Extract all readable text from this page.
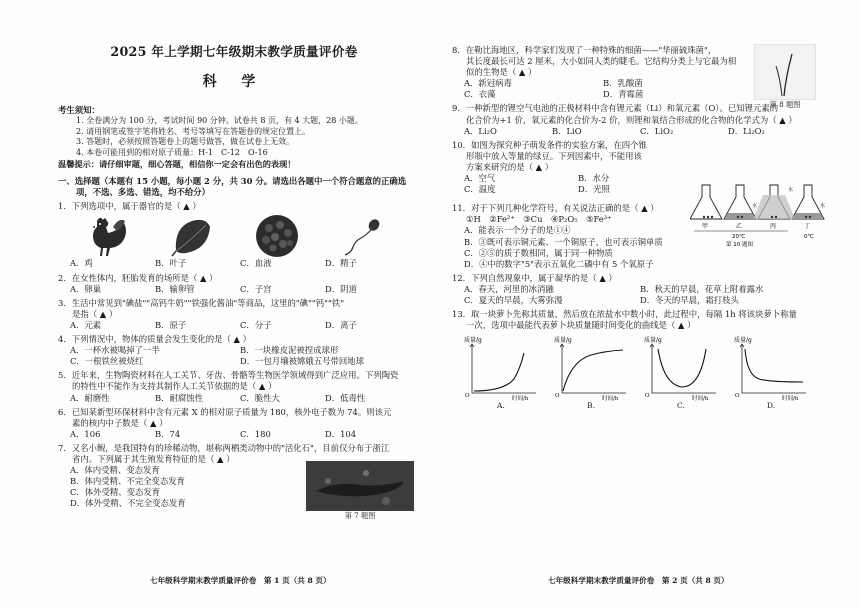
2025 年上学期七年级期末教学质量评价卷
科 学
考生须知：
1. 全卷满分为 100 分，考试时间 90 分钟。试卷共 8 页，有 4 大题，28 小题。
2. 请用钢笔或签字笔将姓名、考号等填写在答题卷的规定位置上。
3. 答题时，必须按照答题卷上的题号做答，做在试卷上无效。
4. 本卷可能用到的相对原子质量：H-1　C-12　O-16
温馨提示：请仔细审题，细心答题，相信你一定会有出色的表现！
一、选择题（本题有 15 小题，每小题 2 分，共 30 分。请选出各题中一个符合题意的正确选
项，不选、多选、错选，均不给分）
1．下列选项中，属于器官的是（ ▲ ）
A．鸡	B．叶子	C．血液	D．精子
2．在女性体内，胚胎发育的场所是（ ▲ ）
A．卵巢	B．输卵管	C．子宫	D．阴道
3．生活中常见到"碘盐""高钙牛奶""铁强化酱油"等商品，这里的"碘""钙""铁"
是指（ ▲ ）
A．元素	B．原子	C．分子	D．离子
4．下列情况中，物体的质量会发生变化的是（ ▲ ）
A．一杯水被喝掉了一半	B．一块橡皮泥被捏成球形
C．一根铁丝被烧红	D．一包月壤被嫦娥五号带回地球
5．近年来，生物陶瓷材料在人工关节、牙齿、骨骼等生物医学领域得到广泛应用。下列陶瓷
的特性中不能作为支持其制作人工关节依据的是（ ▲ ）
A．耐磨性	B．耐腐蚀性	C．脆性大	D．低毒性
6．已知某新型环保材料中含有元素 X 的相对原子质量为 180，核外电子数为 74。则该元
素的核内中子数是（ ▲ ）
A．106	B．74	C．180	D．104
7．又名小鲵，是我国特有的珍稀动物，堪称两栖类动物中的"活化石"，目前仅分布于浙江
省内。下列属于其生殖发育特征的是（ ▲ ）
A．体内受精、变态发育
B．体内受精、不完全变态发育
C．体外受精、变态发育
D．体外受精、不完全变态发育
第 7 题图
七年级科学期末教学质量评价卷　第 1 页（共 8 页）
8．在勒比海地区，科学家们发现了一种特殊的细菌——"华丽硫珠菌"，
其长度最长可达 2 厘米，大小如同人类的睫毛。它结构分类上与它最为相
似的生物是（ ▲ ）
A．新冠病毒	B．乳酸菌
C．衣藻	D．青霉菌
第 8 题图
9．一种新型的锂空气电池的正极材料中含有锂元素（Li）和氧元素（O）。已知锂元素的
化合价为+1 价，氧元素的化合价为-2 价，则锂和氧结合形成的化合物的化学式为（ ▲ ）
A．Li₂O	B．LiO	C．LiO₂	D．Li₂O₂
10．如图为探究种子萌发条件的实验方案，在四个锥
形瓶中放入等量的绿豆。下列因素中，不能用该
方案来研究的是（ ▲ ）
A．空气	B．水分
C．温度	D．光照
水
水
水
甲	乙	丙	丁
20℃	0℃
第 10 题图
11．对于下列几种化学符号，有关说法正确的是（ ▲ ）
①H　②Fe²⁺　③Cu　④P₂O₅　⑤Fe³⁺
A．能表示一个分子的是①④
B．③既可表示铜元素、一个铜原子，也可表示铜单质
C．②⑤的质子数相同，属于同一种物质
D．④中的数字"5"表示五氧化二磷中有 5 个氧原子
12．下列自然现象中，属于凝华的是（ ▲ ）
A．春天，河里的冰消融	B．秋天的早晨，花草上附着露水
C．夏天的早晨，大雾弥漫	D．冬天的早晨，霜打枝头
13．取一块萝卜先称其质量，然后放在浓盐水中数小时，此过程中，每隔 1h 将该块萝卜称量
一次，选项中最能代表萝卜块质量随时间变化的曲线是（ ▲ ）
质量/g
O	时间/h
A.
质量/g
O	时间/h
B.
质量/g
O	时间/h
C.
质量/g
O	时间/h
D.
七年级科学期末教学质量评价卷　第 2 页（共 8 页）
